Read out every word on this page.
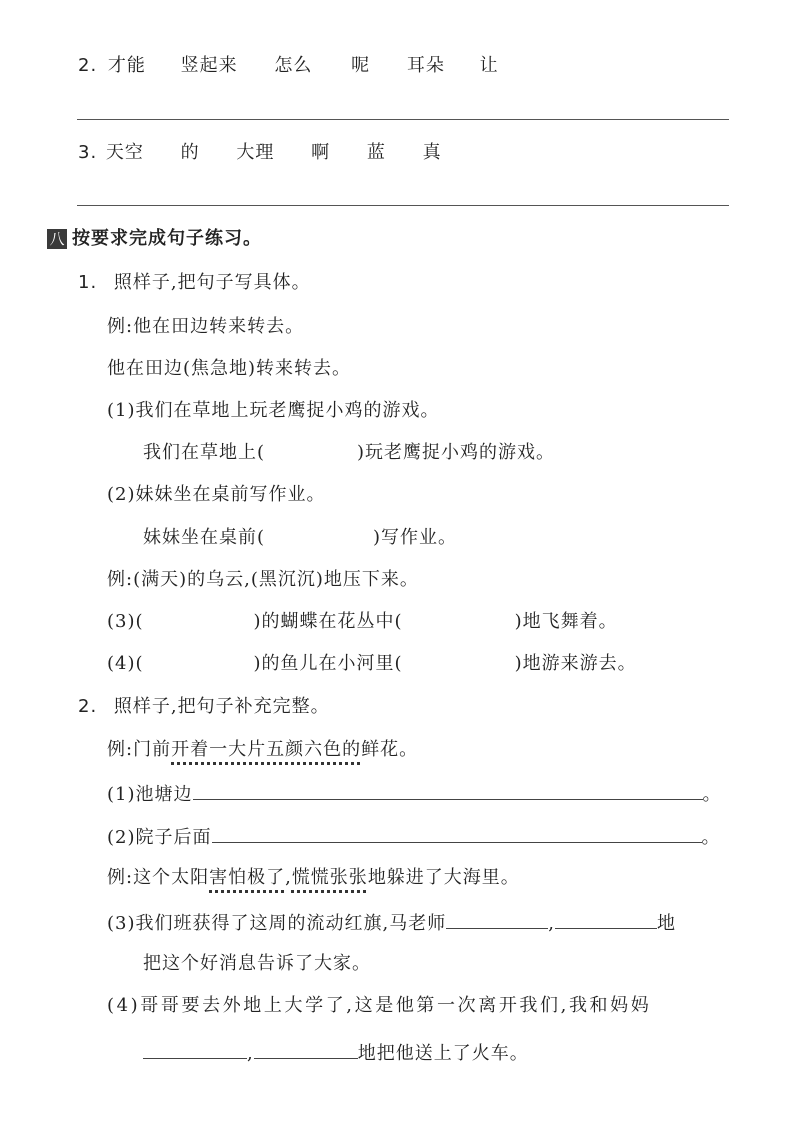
2. 才能 竖起来 怎么 呢 耳朵 让
3. 天空 的 大理 啊 蓝 真
八 按要求完成句子练习。
1. 照样子,把句子写具体。
例:他在田边转来转去。
他在田边(焦急地)转来转去。
(1)我们在草地上玩老鹰捉小鸡的游戏。
我们在草地上(	)玩老鹰捉小鸡的游戏。
(2)妹妹坐在桌前写作业。
妹妹坐在桌前(	)写作业。
例:(满天)的乌云,(黑沉沉)地压下来。
(3)(	)的蝴蝶在花丛中(	)地飞舞着。
(4)(	)的鱼儿在小河里(	)地游来游去。
2. 照样子,把句子补充完整。
例:门前开着一大片五颜六色的鲜花。
(1)池塘边	。
(2)院子后面	。
例:这个太阳害怕极了,慌慌张张地躲进了大海里。
(3)我们班获得了这周的流动红旗,马老师	,	地
把这个好消息告诉了大家。
(4)哥哥要去外地上大学了,这是他第一次离开我们,我和妈妈
,	地把他送上了火车。
